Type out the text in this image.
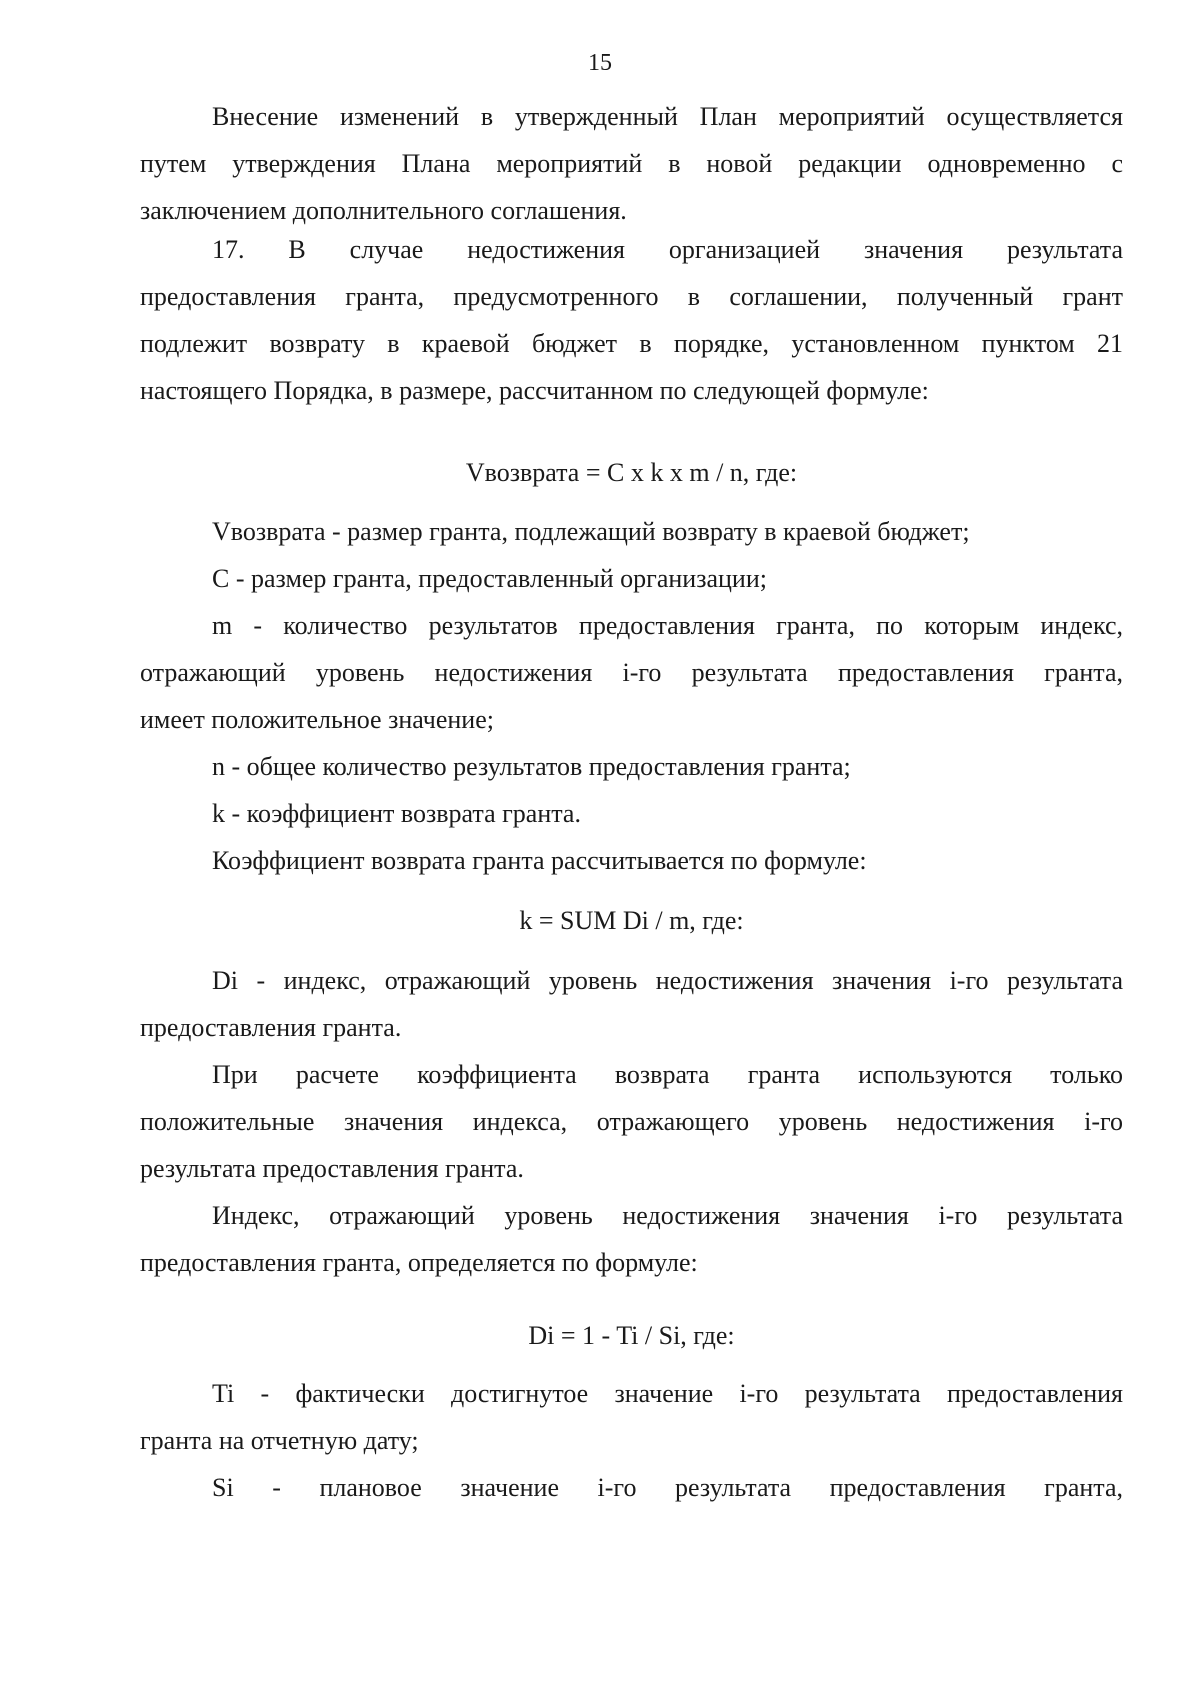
15
Внесение изменений в утвержденный План мероприятий осуществляется
путем утверждения Плана мероприятий в новой редакции одновременно с
заключением дополнительного соглашения.
17. В случае недостижения организацией значения результата
предоставления гранта, предусмотренного в соглашении, полученный грант
подлежит возврату в краевой бюджет в порядке, установленном пунктом 21
настоящего Порядка, в размере, рассчитанном по следующей формуле:
Vвозврата = C x k x m / n, где:
Vвозврата - размер гранта, подлежащий возврату в краевой бюджет;
C - размер гранта, предоставленный организации;
m - количество результатов предоставления гранта, по которым индекс,
отражающий уровень недостижения i-го результата предоставления гранта,
имеет положительное значение;
n - общее количество результатов предоставления гранта;
k - коэффициент возврата гранта.
Коэффициент возврата гранта рассчитывается по формуле:
k = SUM Di / m, где:
Di - индекс, отражающий уровень недостижения значения i-го результата
предоставления гранта.
При расчете коэффициента возврата гранта используются только
положительные значения индекса, отражающего уровень недостижения i-го
результата предоставления гранта.
Индекс, отражающий уровень недостижения значения i-го результата
предоставления гранта, определяется по формуле:
Di = 1 - Ti / Si, где:
Ti - фактически достигнутое значение i-го результата предоставления
гранта на отчетную дату;
Si - плановое значение i-го результата предоставления гранта,
